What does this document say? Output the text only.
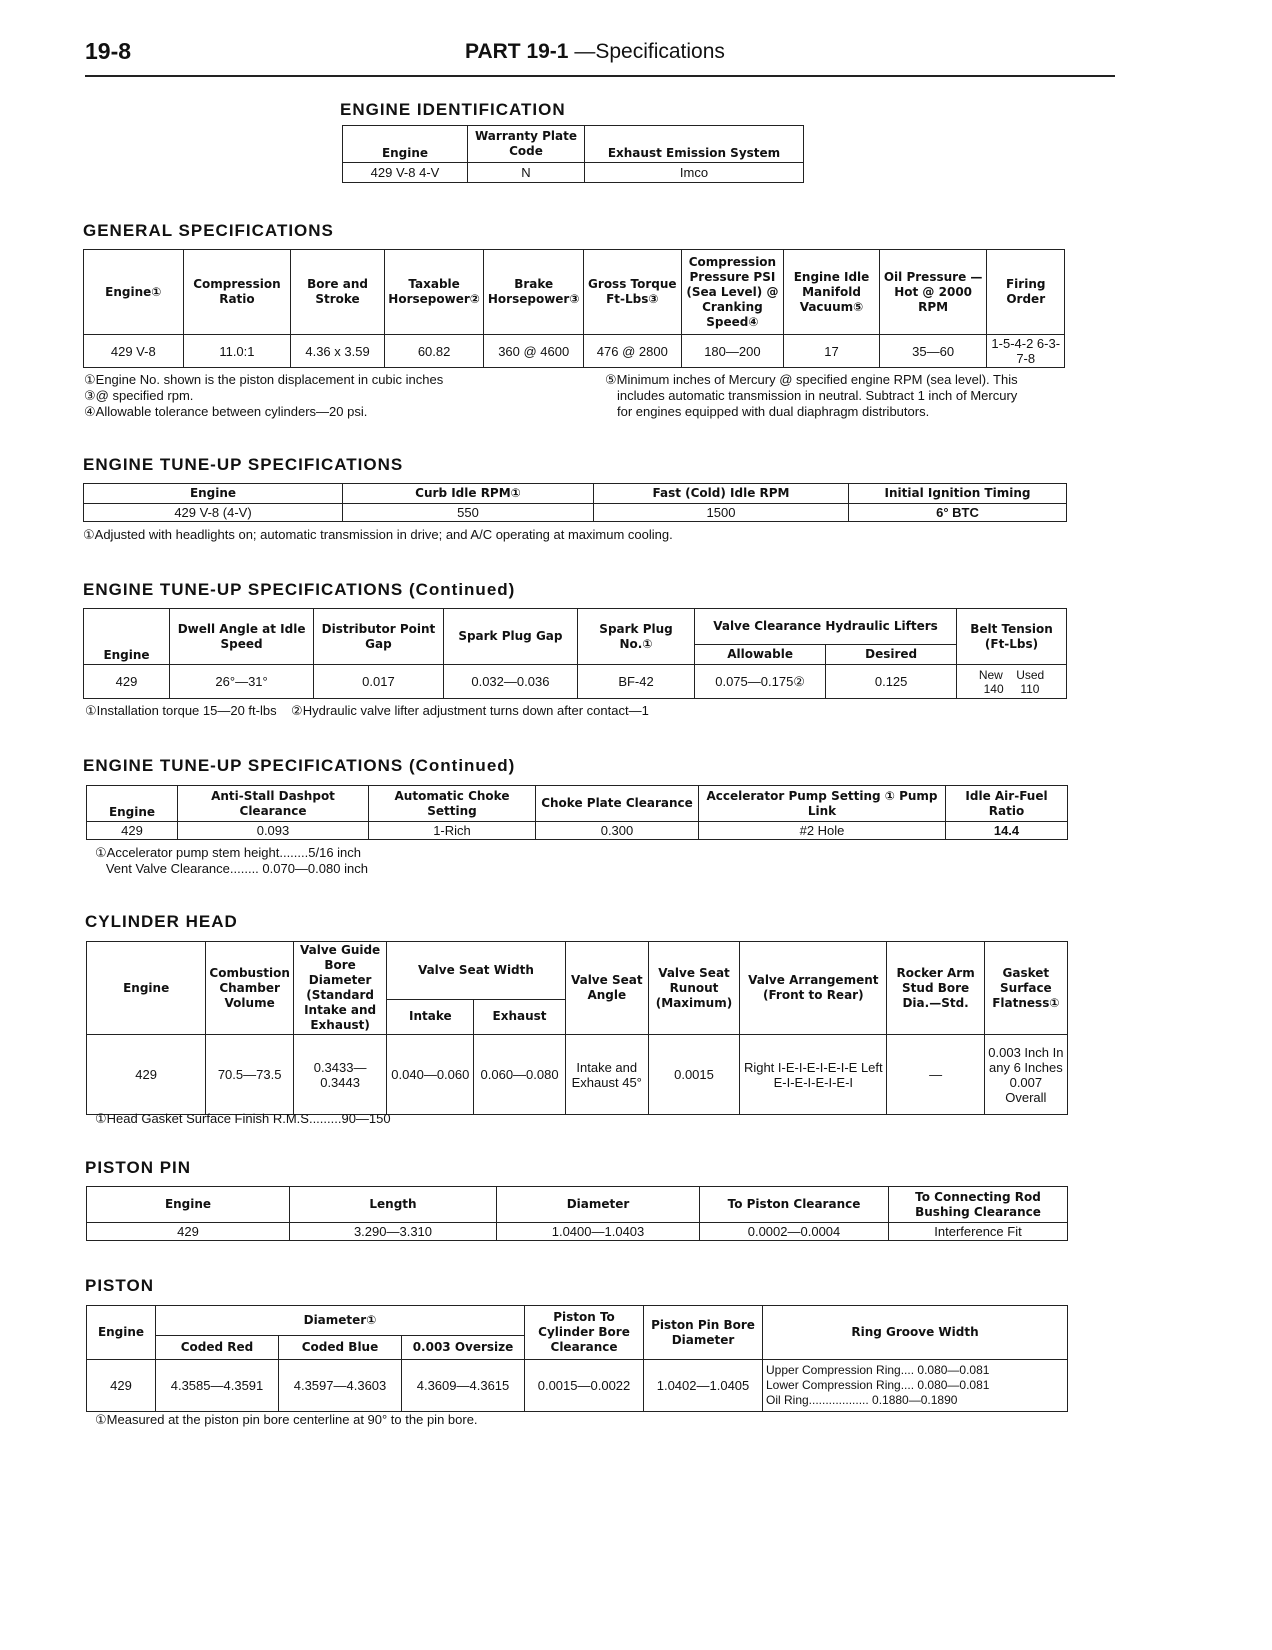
19-8	PART 19-1 —Specifications
ENGINE IDENTIFICATION
Engine	Warranty Plate Code	Exhaust Emission System
429 V-8 4-V	N	Imco
GENERAL SPECIFICATIONS
Engine①	Compression Ratio	Bore and Stroke	Taxable Horsepower②	Brake Horsepower③	Gross Torque Ft-Lbs③	Compression Pressure PSI (Sea Level) @ Cranking Speed④	Engine Idle Manifold Vacuum⑤	Oil Pressure —Hot @ 2000 RPM	Firing Order
429 V-8	11.0:1	4.36 x 3.59	60.82	360 @ 4600	476 @ 2800	180—200	17	35—60	1-5-4-2 6-3-7-8
①Engine No. shown is the piston displacement in cubic inches
③@ specified rpm.
④Allowable tolerance between cylinders—20 psi.
⑤Minimum inches of Mercury @ specified engine RPM (sea level). This
includes automatic transmission in neutral. Subtract 1 inch of Mercury
for engines equipped with dual diaphragm distributors.
ENGINE TUNE-UP SPECIFICATIONS
Engine	Curb Idle RPM①	Fast (Cold) Idle RPM	Initial Ignition Timing
429 V-8 (4-V)	550	1500	6° BTC
①Adjusted with headlights on; automatic transmission in drive; and A/C operating at maximum cooling.
ENGINE TUNE-UP SPECIFICATIONS (Continued)
Engine	Dwell Angle at Idle Speed	Distributor Point Gap	Spark Plug Gap	Spark Plug No.①	Valve Clearance Hydraulic Lifters		Belt Tension (Ft-Lbs)
					Allowable	Desired	
429	26°—31°	0.017	0.032—0.036	BF-42	0.075—0.175②	0.125	New Used
140 110
①Installation torque 15—20 ft-lbs    ②Hydraulic valve lifter adjustment turns down after contact—1
ENGINE TUNE-UP SPECIFICATIONS (Continued)
Engine	Anti-Stall Dashpot Clearance	Automatic Choke Setting	Choke Plate Clearance	Accelerator Pump Setting ① Pump Link	Idle Air-Fuel Ratio
429	0.093	1-Rich	0.300	#2 Hole	14.4
①Accelerator pump stem height........5/16 inch
Vent Valve Clearance........ 0.070—0.080 inch
CYLINDER HEAD
Engine	Combustion Chamber Volume	Valve Guide Bore Diameter (Standard Intake and Exhaust)	Valve Seat Width		Valve Seat Angle	Valve Seat Runout (Maximum)	Valve Arrangement (Front to Rear)	Rocker Arm Stud Bore Dia.—Std.	Gasket Surface Flatness①
			Intake	Exhaust					
429	70.5—73.5	0.3433—0.3443	0.040—0.060	0.060—0.080	Intake and Exhaust 45°	0.0015	Right I-E-I-E-I-E-I-E Left E-I-E-I-E-I-E-I	—	0.003 Inch In any 6 Inches 0.007 Overall
①Head Gasket Surface Finish R.M.S.........90—150
PISTON PIN
Engine	Length	Diameter	To Piston Clearance	To Connecting Rod Bushing Clearance
429	3.290—3.310	1.0400—1.0403	0.0002—0.0004	Interference Fit
PISTON
Engine	Diameter①			Piston To Cylinder Bore Clearance	Piston Pin Bore Diameter	Ring Groove Width
	Coded Red	Coded Blue	0.003 Oversize			
429	4.3585—4.3591	4.3597—4.3603	4.3609—4.3615	0.0015—0.0022	1.0402—1.0405	Upper Compression Ring.... 0.080—0.081
Lower Compression Ring.... 0.080—0.081
Oil Ring.................. 0.1880—0.1890
①Measured at the piston pin bore centerline at 90° to the pin bore.
